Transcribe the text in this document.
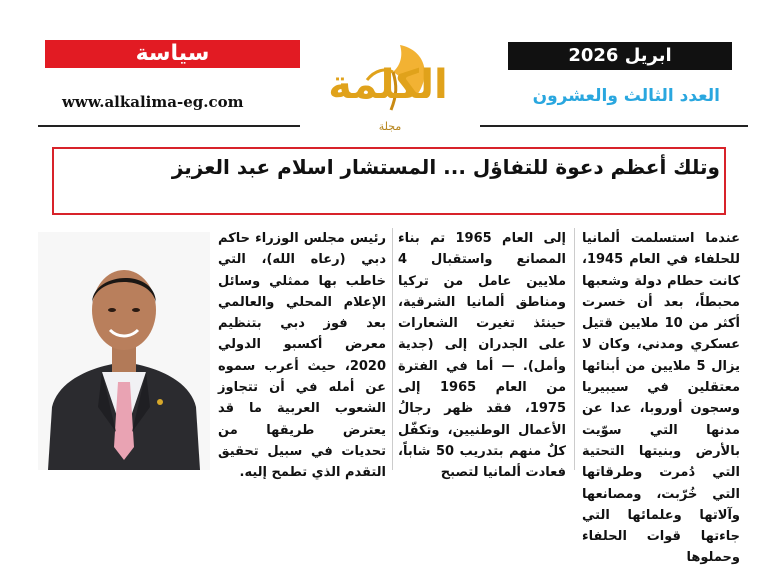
سياسة	ابريل 2026
www.alkalima-eg.com	العدد الثالث والعشرون
الكلمة
مجلة
وتلك أعظم دعوة للتفاؤل ... المستشار اسلام عبد العزيز

عندما استسلمت ألمانيا للحلفاء في العام 1945، كانت حطام دولة وشعبها محبطاً، بعد أن خسرت أكثر من 10 ملايين قتيل عسكري ومدني، وكان لا يزال 5 ملايين من أبنائها معتقلين في سيبيريا وسجون أوروبا، عدا عن مدنها التي سوّيت بالأرض وبنيتها التحتية التي دُمرت وطرقاتها التي خُرّبت، ومصانعها وآلاتها وعلمائها التي جاءتها قوات الحلفاء وحملوها

إلى العام 1965 تم بناء المصانع واستقبال 4 ملايين عامل من تركيا ومناطق ألمانيا الشرقية، حينئذ تغيرت الشعارات على الجدران إلى (جدية وأمل). — أما في الفترة من العام 1965 إلى 1975، فقد ظهر رجالُ الأعمال الوطنيين، وتكفّل كلٌ منهم بتدريب 50 شاباً، فعادت ألمانيا لتصبح

رئيس مجلس الوزراء حاكم دبي (رعاه الله)، التي خاطب بها ممثلي وسائل الإعلام المحلي والعالمي بعد فوز دبي بتنظيم معرض أكسبو الدولي 2020، حيث أعرب سموه عن أمله في أن تتجاوز الشعوب العربية ما قد يعترض طريقها من تحديات في سبيل تحقيق التقدم الذي تطمح إليه.
